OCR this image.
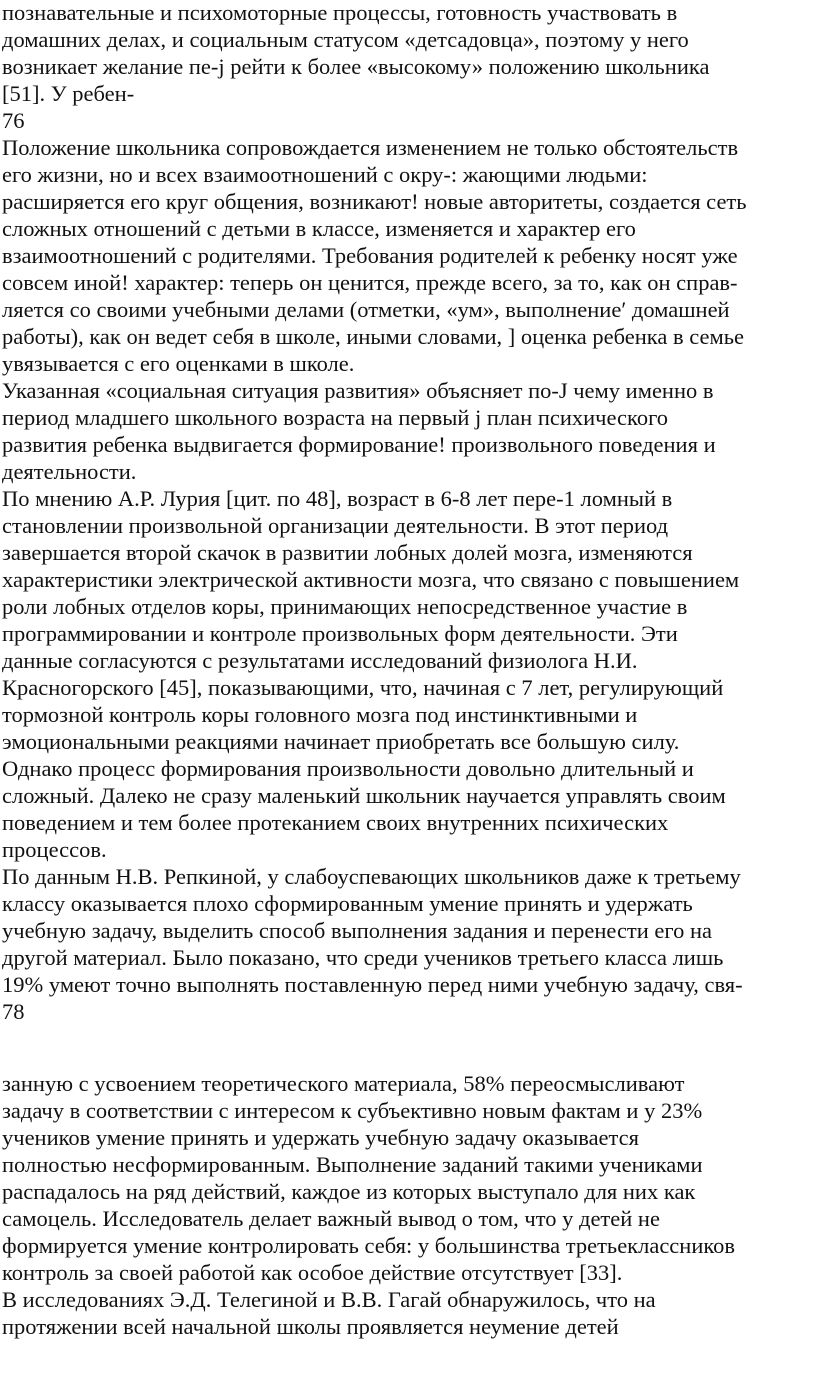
познавательные и психомоторные процессы, готовность участвовать в

домашних делах, и социальным статусом «детсадовца», поэтому у него

возникает желание пе-j рейти к более «высокому» положению школьника

[51]. У ребен-

76

Положение школьника сопровождается изменением не только обстоятельств

его жизни, но и всех взаимоотношений с окру-: жающими людьми:

расширяется его круг общения, возникают! новые авторитеты, создается сеть

сложных отношений с детьми в классе, изменяется и характер его

взаимоотношений с родителями. Требования родителей к ребенку носят уже

совсем иной! характер: теперь он ценится, прежде всего, за то, как он справ-

ляется со своими учебными делами (отметки, «ум», выполнение′ домашней

работы), как он ведет себя в школе, иными словами, ] оценка ребенка в семье

увязывается с его оценками в школе.

Указанная «социальная ситуация развития» объясняет по-J чему именно в

период младшего школьного возраста на первый j план психического

развития ребенка выдвигается формирование! произвольного поведения и

деятельности.

По мнению А.Р. Лурия [цит. по 48], возраст в 6-8 лет пере-1 ломный в

становлении произвольной организации деятельности. В этот период

завершается второй скачок в развитии лобных долей мозга, изменяются

характеристики электрической активности мозга, что связано с повышением

роли лобных отделов коры, принимающих непосредственное участие в

программировании и контроле произвольных форм деятельности. Эти

данные согласуются с результатами исследований физиолога Н.И.

Красногорского [45], показывающими, что, начиная с 7 лет, регулирующий

тормозной контроль коры головного мозга под инстинктивными и

эмоциональными реакциями начинает приобретать все большую силу.

Однако процесс формирования произвольности довольно длительный и

сложный. Далеко не сразу маленький школьник научается управлять своим

поведением и тем более протеканием своих внутренних психических

процессов.

По данным Н.В. Репкиной, у слабоуспевающих школьников даже к третьему

классу оказывается плохо сформированным умение принять и удержать

учебную задачу, выделить способ выполнения задания и перенести его на

другой материал. Было показано, что среди учеников третьего класса лишь

19% умеют точно выполнять поставленную перед ними учебную задачу, свя-

78

занную с усвоением теоретического материала, 58% переосмысливают

задачу в соответствии с интересом к субъективно новым фактам и у 23%

учеников умение принять и удержать учебную задачу оказывается

полностью несформированным. Выполнение заданий такими учениками

распадалось на ряд действий, каждое из которых выступало для них как

самоцель. Исследователь делает важный вывод о том, что у детей не

формируется умение контролировать себя: у большинства третьеклассников

контроль за своей работой как особое действие отсутствует [33].

В исследованиях Э.Д. Телегиной и В.В. Гагай обнаружилось, что на

протяжении всей начальной школы проявляется неумение детей
